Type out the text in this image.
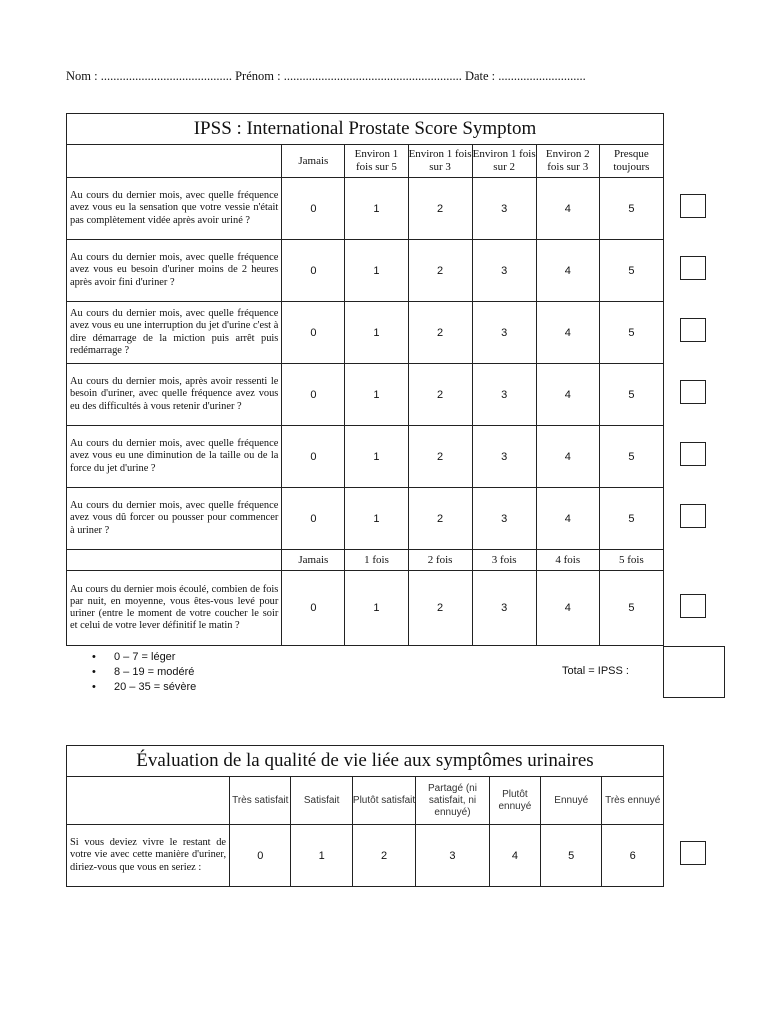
Nom : .......................................... Prénom : ......................................................... Date : ............................
IPSS : International Prostate Score Symptom						
	Jamais	Environ 1 fois sur 5	Environ 1 fois sur 3	Environ 1 fois sur 2	Environ 2 fois sur 3	Presque toujours
Au cours du dernier mois, avec quelle fréquence avez vous eu la sensation que votre vessie n'était pas complètement vidée après avoir uriné ?	0	1	2	3	4	5
Au cours du dernier mois, avec quelle fréquence avez vous eu besoin d'uriner moins de 2 heures après avoir fini d'uriner ?	0	1	2	3	4	5
Au cours du dernier mois, avec quelle fréquence avez vous eu une interruption du jet d'urine c'est à dire démarrage de la miction puis arrêt puis redémarrage ?	0	1	2	3	4	5
Au cours du dernier mois, après avoir ressenti le besoin d'uriner, avec quelle fréquence avez vous eu des difficultés à vous retenir d'uriner ?	0	1	2	3	4	5
Au cours du dernier mois, avec quelle fréquence avez vous eu une diminution de la taille ou de la force du jet d'urine ?	0	1	2	3	4	5
Au cours du dernier mois, avec quelle fréquence avez vous dû forcer ou pousser pour commencer à uriner ?	0	1	2	3	4	5
	Jamais	1 fois	2 fois	3 fois	4 fois	5 fois
Au cours du dernier mois écoulé, combien de fois par nuit, en moyenne, vous êtes-vous levé pour uriner (entre le moment de votre coucher le soir et celui de votre lever définitif le matin ?	0	1	2	3	4	5
• 0 – 7 = léger
• 8 – 19 = modéré
• 20 – 35 = sévère
Total = IPSS :
Évaluation de la qualité de vie liée aux symptômes urinaires							
	Très satisfait	Satisfait	Plutôt satisfait	Partagé (ni satisfait, ni ennuyé)	Plutôt ennuyé	Ennuyé	Très ennuyé
Si vous deviez vivre le restant de votre vie avec cette manière d'uriner, diriez-vous que vous en seriez :	0	1	2	3	4	5	6
